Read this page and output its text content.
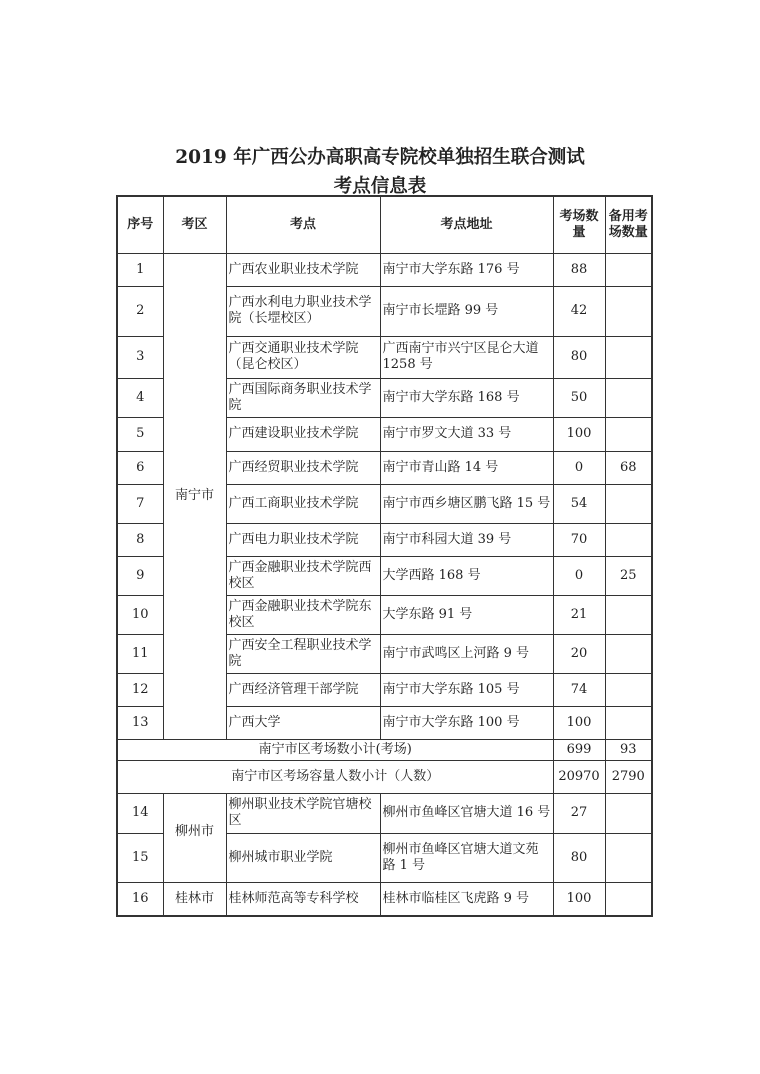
2019 年广西公办高职高专院校单独招生联合测试
考点信息表
序号	考区	考点	考点地址	考场数量	备用考场数量
1	南宁市	广西农业职业技术学院	南宁市大学东路 176 号	88	
2		广西水利电力职业技术学院（长堽校区）	南宁市长堽路 99 号	42	
3		广西交通职业技术学院（昆仑校区）	广西南宁市兴宁区昆仑大道 1258 号	80	
4		广西国际商务职业技术学院	南宁市大学东路 168 号	50	
5		广西建设职业技术学院	南宁市罗文大道 33 号	100	
6		广西经贸职业技术学院	南宁市青山路 14 号	0	68
7		广西工商职业技术学院	南宁市西乡塘区鹏飞路 15 号	54	
8		广西电力职业技术学院	南宁市科园大道 39 号	70	
9		广西金融职业技术学院西校区	大学西路 168 号	0	25
10		广西金融职业技术学院东校区	大学东路 91 号	21	
11		广西安全工程职业技术学院	南宁市武鸣区上河路 9 号	20	
12		广西经济管理干部学院	南宁市大学东路 105 号	74	
13		广西大学	南宁市大学东路 100 号	100	
南宁市区考场数小计(考场)				699	93
南宁市区考场容量人数小计（人数）				20970	2790
14	柳州市	柳州职业技术学院官塘校区	柳州市鱼峰区官塘大道 16 号	27	
15		柳州城市职业学院	柳州市鱼峰区官塘大道文苑路 1 号	80	
16	桂林市	桂林师范高等专科学校	桂林市临桂区飞虎路 9 号	100	
